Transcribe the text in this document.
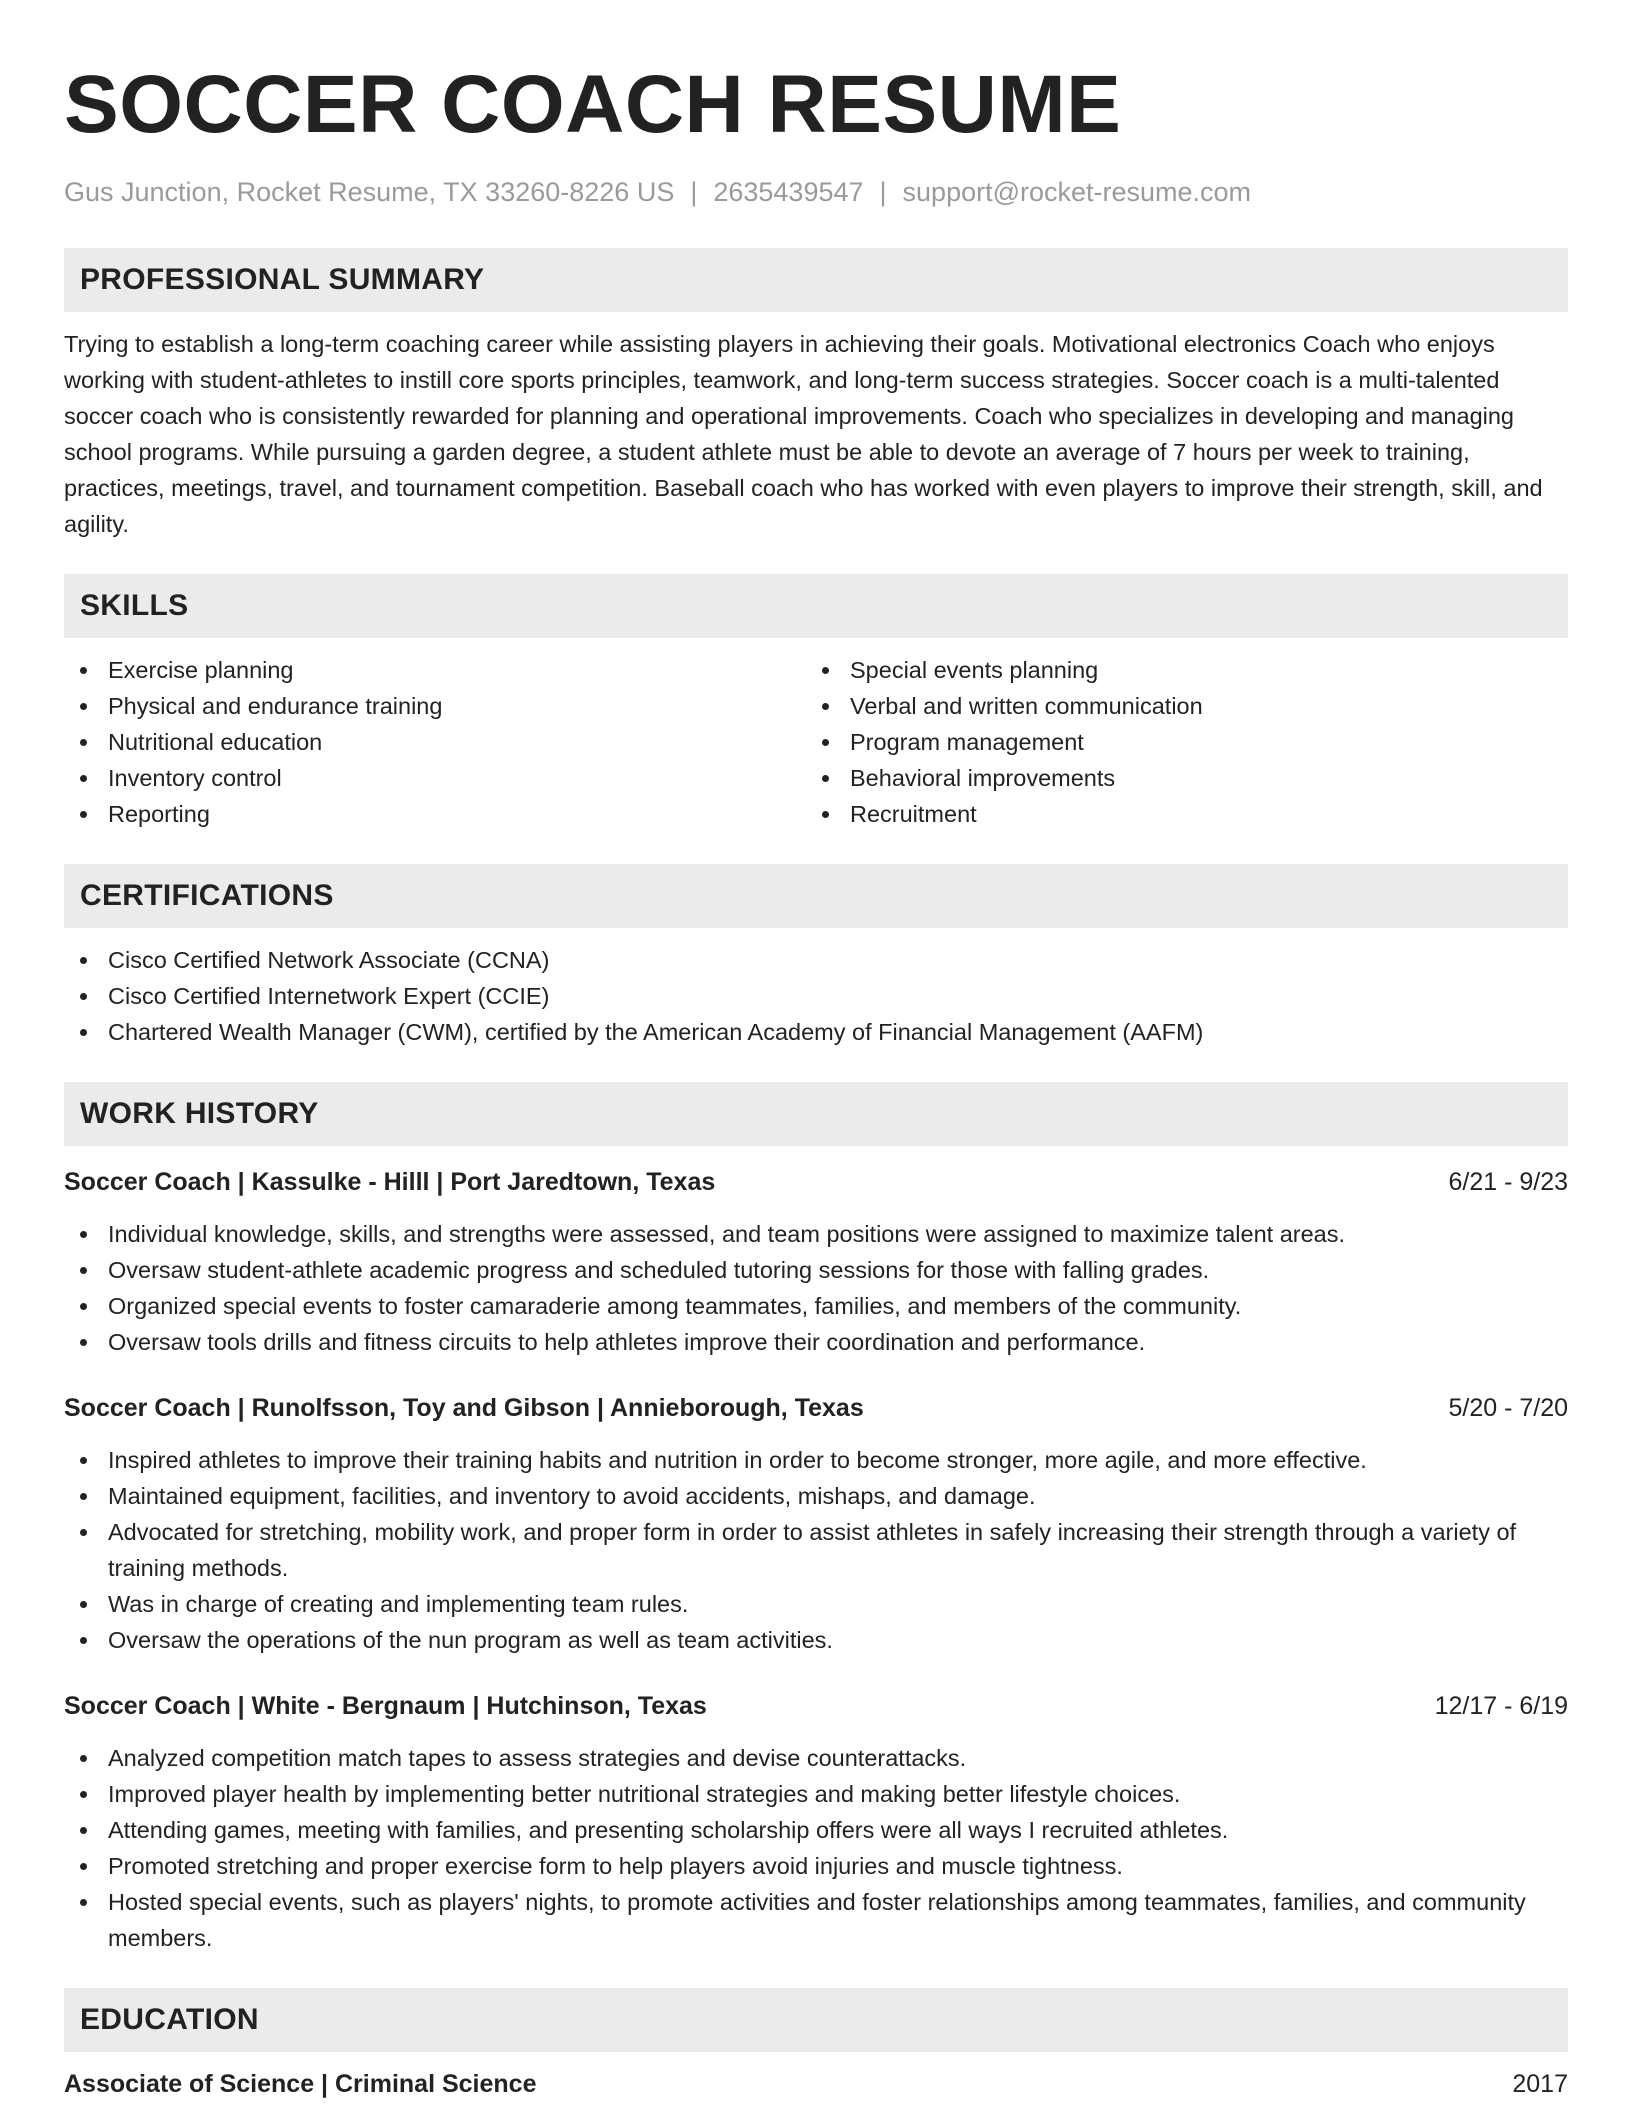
SOCCER COACH RESUME
Gus Junction, Rocket Resume, TX 33260-8226 US | 2635439547 | support@rocket-resume.com
PROFESSIONAL SUMMARY

Trying to establish a long-term coaching career while assisting players in achieving their goals. Motivational electronics Coach who enjoys working with student-athletes to instill core sports principles, teamwork, and long-term success strategies. Soccer coach is a multi-talented soccer coach who is consistently rewarded for planning and operational improvements. Coach who specializes in developing and managing school programs. While pursuing a garden degree, a student athlete must be able to devote an average of 7 hours per week to training, practices, meetings, travel, and tournament competition. Baseball coach who has worked with even players to improve their strength, skill, and agility.

SKILLS
Exercise planning
Physical and endurance training
Nutritional education
Inventory control
Reporting
Special events planning
Verbal and written communication
Program management
Behavioral improvements
Recruitment
CERTIFICATIONS
Cisco Certified Network Associate (CCNA)
Cisco Certified Internetwork Expert (CCIE)
Chartered Wealth Manager (CWM), certified by the American Academy of Financial Management (AAFM)
WORK HISTORY
Soccer Coach | Kassulke - Hilll | Port Jaredtown, Texas	6/21 - 9/23
Individual knowledge, skills, and strengths were assessed, and team positions were assigned to maximize talent areas.
Oversaw student-athlete academic progress and scheduled tutoring sessions for those with falling grades.
Organized special events to foster camaraderie among teammates, families, and members of the community.
Oversaw tools drills and fitness circuits to help athletes improve their coordination and performance.
Soccer Coach | Runolfsson, Toy and Gibson | Annieborough, Texas	5/20 - 7/20
Inspired athletes to improve their training habits and nutrition in order to become stronger, more agile, and more effective.
Maintained equipment, facilities, and inventory to avoid accidents, mishaps, and damage.
Advocated for stretching, mobility work, and proper form in order to assist athletes in safely increasing their strength through a variety of training methods.
Was in charge of creating and implementing team rules.
Oversaw the operations of the nun program as well as team activities.
Soccer Coach | White - Bergnaum | Hutchinson, Texas	12/17 - 6/19
Analyzed competition match tapes to assess strategies and devise counterattacks.
Improved player health by implementing better nutritional strategies and making better lifestyle choices.
Attending games, meeting with families, and presenting scholarship offers were all ways I recruited athletes.
Promoted stretching and proper exercise form to help players avoid injuries and muscle tightness.
Hosted special events, such as players' nights, to promote activities and foster relationships among teammates, families, and community members.
EDUCATION
Associate of Science | Criminal Science	2017
